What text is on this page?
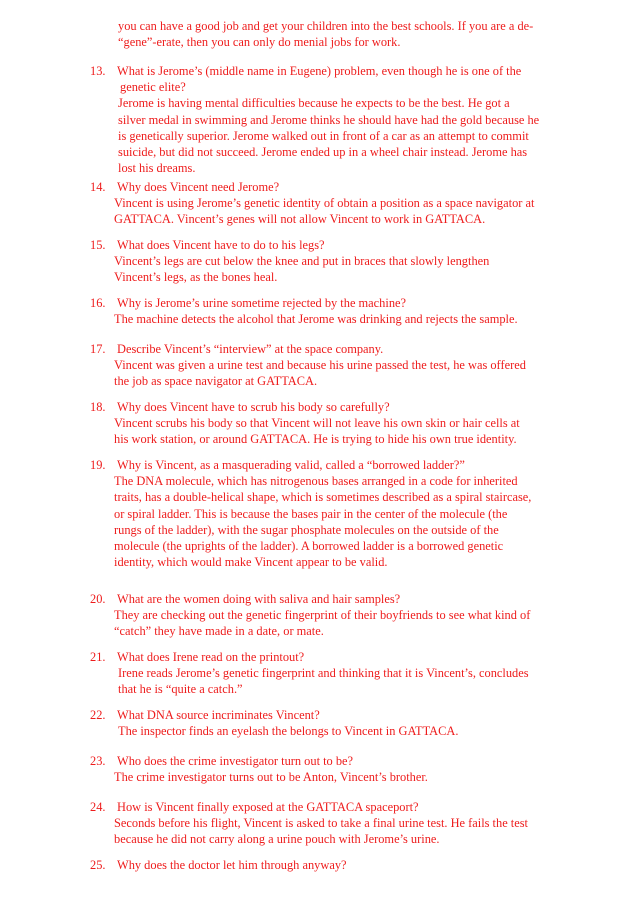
you can have a good job and get your children into the best schools. If you are a de-
“gene”-erate, then you can only do menial jobs for work.
13. What is Jerome’s (middle name in Eugene) problem, even though he is one of the
genetic elite?
Jerome is having mental difficulties because he expects to be the best. He got a
silver medal in swimming and Jerome thinks he should have had the gold because he
is genetically superior. Jerome walked out in front of a car as an attempt to commit
suicide, but did not succeed. Jerome ended up in a wheel chair instead. Jerome has
lost his dreams.
14. Why does Vincent need Jerome?
Vincent is using Jerome’s genetic identity of obtain a position as a space navigator at
GATTACA. Vincent’s genes will not allow Vincent to work in GATTACA.
15. What does Vincent have to do to his legs?
Vincent’s legs are cut below the knee and put in braces that slowly lengthen
Vincent’s legs, as the bones heal.
16. Why is Jerome’s urine sometime rejected by the machine?
The machine detects the alcohol that Jerome was drinking and rejects the sample.
17. Describe Vincent’s “interview” at the space company.
Vincent was given a urine test and because his urine passed the test, he was offered
the job as space navigator at GATTACA.
18. Why does Vincent have to scrub his body so carefully?
Vincent scrubs his body so that Vincent will not leave his own skin or hair cells at
his work station, or around GATTACA. He is trying to hide his own true identity.
19. Why is Vincent, as a masquerading valid, called a “borrowed ladder?”
The DNA molecule, which has nitrogenous bases arranged in a code for inherited
traits, has a double-helical shape, which is sometimes described as a spiral staircase,
or spiral ladder. This is because the bases pair in the center of the molecule (the
rungs of the ladder), with the sugar phosphate molecules on the outside of the
molecule (the uprights of the ladder). A borrowed ladder is a borrowed genetic
identity, which would make Vincent appear to be valid.
20. What are the women doing with saliva and hair samples?
They are checking out the genetic fingerprint of their boyfriends to see what kind of
“catch” they have made in a date, or mate.
21. What does Irene read on the printout?
Irene reads Jerome’s genetic fingerprint and thinking that it is Vincent’s, concludes
that he is “quite a catch.”
22. What DNA source incriminates Vincent?
The inspector finds an eyelash the belongs to Vincent in GATTACA.
23. Who does the crime investigator turn out to be?
The crime investigator turns out to be Anton, Vincent’s brother.
24. How is Vincent finally exposed at the GATTACA spaceport?
Seconds before his flight, Vincent is asked to take a final urine test. He fails the test
because he did not carry along a urine pouch with Jerome’s urine.
25. Why does the doctor let him through anyway?
